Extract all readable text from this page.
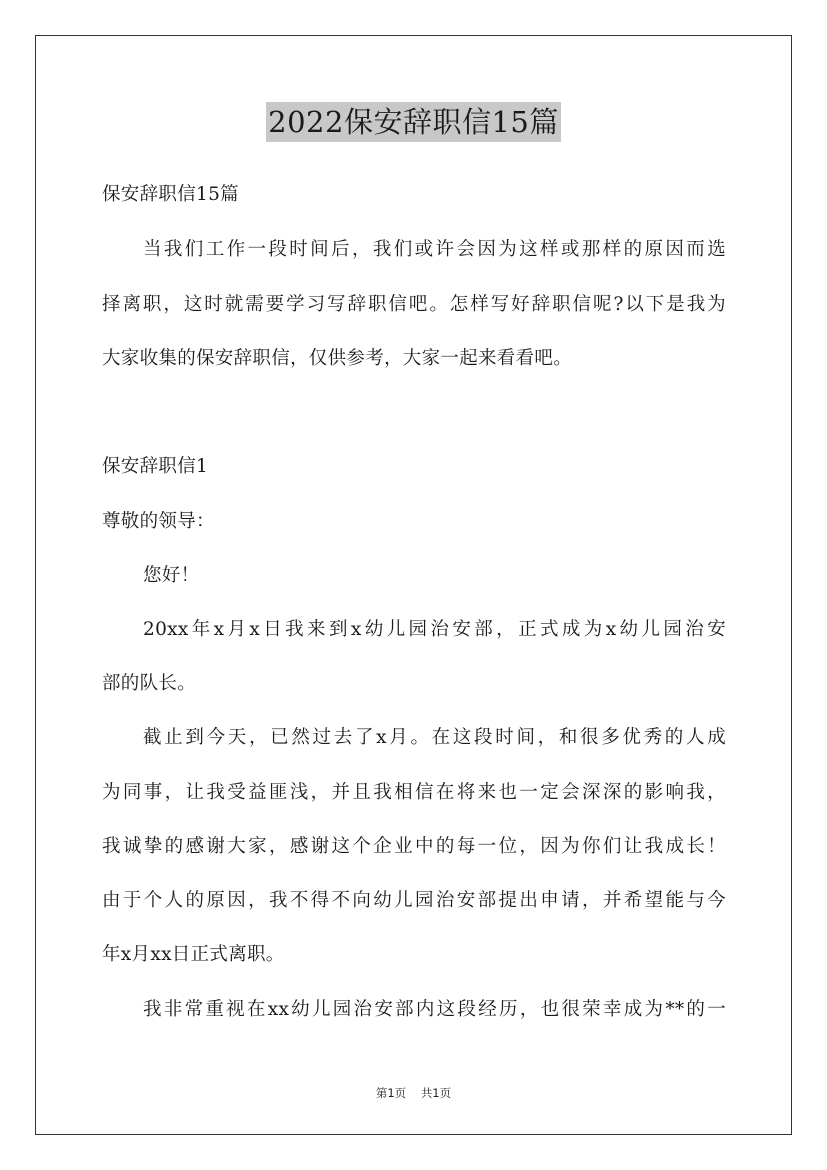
2022保安辞职信15篇

保安辞职信15篇

当我们工作一段时间后，我们或许会因为这样或那样的原因而选

择离职，这时就需要学习写辞职信吧。怎样写好辞职信呢?以下是我为

大家收集的保安辞职信，仅供参考，大家一起来看看吧。

保安辞职信1

尊敬的领导：

您好！

20xx年x月x日我来到x幼儿园治安部，正式成为x幼儿园治安

部的队长。

截止到今天，已然过去了x月。在这段时间，和很多优秀的人成

为同事，让我受益匪浅，并且我相信在将来也一定会深深的影响我，

我诚挚的感谢大家，感谢这个企业中的每一位，因为你们让我成长！

由于个人的原因，我不得不向幼儿园治安部提出申请，并希望能与今

年x月xx日正式离职。

我非常重视在xx幼儿园治安部内这段经历，也很荣幸成为**的一

第1页 共1页
